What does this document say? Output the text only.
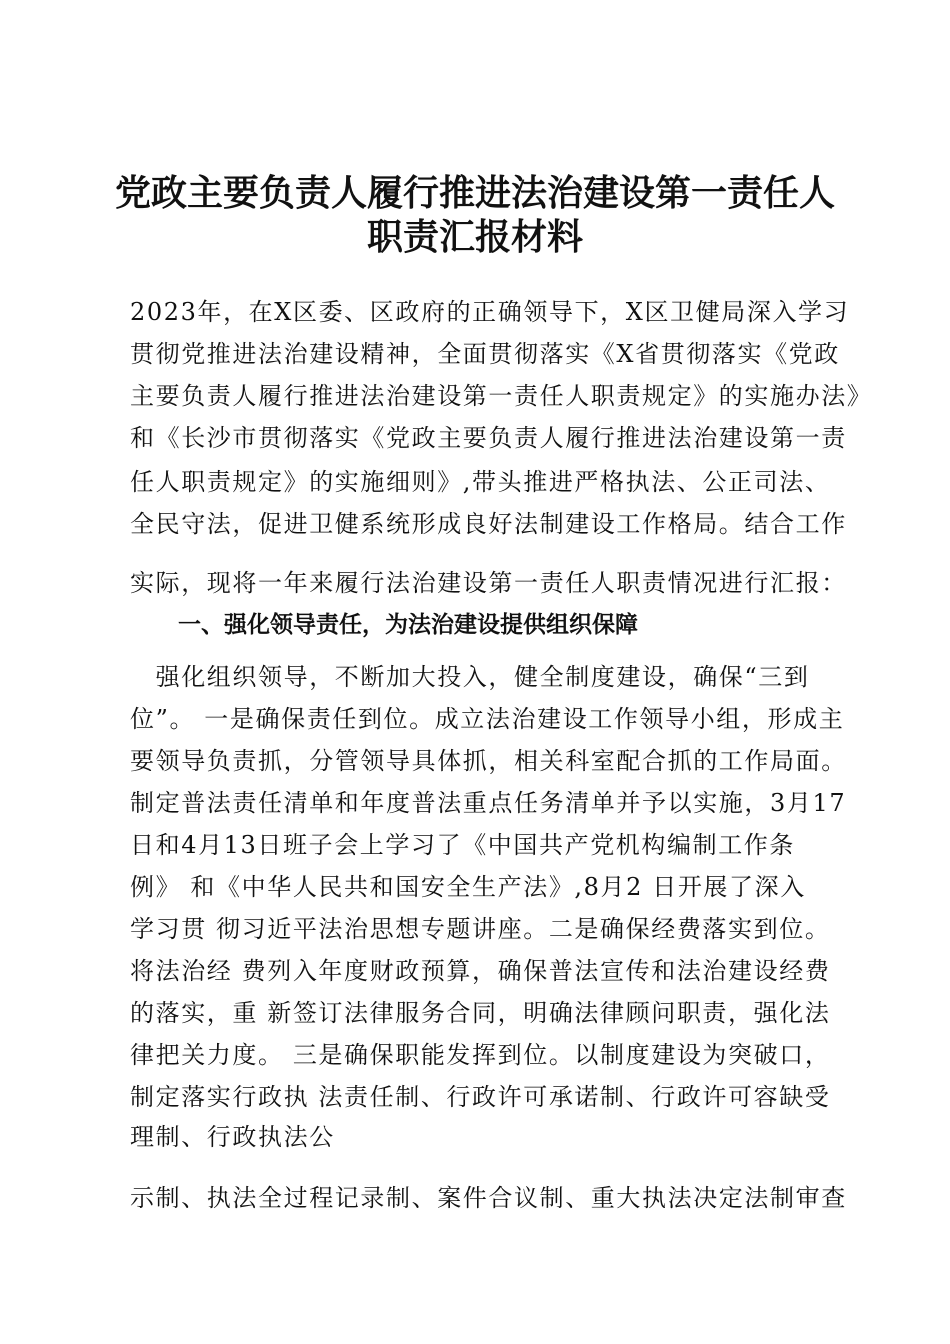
党政主要负责人履行推进法治建设第一责任人
职责汇报材料
2023年，在X区委、区政府的正确领导下，X区卫健局深入学习
贯彻党推进法治建设精神，全面贯彻落实《X省贯彻落实《党政
主要负责人履行推进法治建设第一责任人职责规定》的实施办法》
和《长沙市贯彻落实《党政主要负责人履行推进法治建设第一责
任人职责规定》的实施细则》,带头推进严格执法、公正司法、
全民守法，促进卫健系统形成良好法制建设工作格局。结合工作
实际，现将一年来履行法治建设第一责任人职责情况进行汇报：
一、强化领导责任，为法治建设提供组织保障
　强化组织领导，不断加大投入，健全制度建设，确保“三到
位”。 一是确保责任到位。成立法治建设工作领导小组，形成主
要领导负责抓，分管领导具体抓，相关科室配合抓的工作局面。
制定普法责任清单和年度普法重点任务清单并予以实施，3月17
日和4月13日班子会上学习了《中国共产党机构编制工作条
例》 和《中华人民共和国安全生产法》,8月2 日开展了深入
学习贯 彻习近平法治思想专题讲座。二是确保经费落实到位。
将法治经 费列入年度财政预算，确保普法宣传和法治建设经费
的落实，重 新签订法律服务合同，明确法律顾问职责，强化法
律把关力度。 三是确保职能发挥到位。以制度建设为突破口，
制定落实行政执 法责任制、行政许可承诺制、行政许可容缺受
理制、行政执法公
示制、执法全过程记录制、案件合议制、重大执法决定法制审查
